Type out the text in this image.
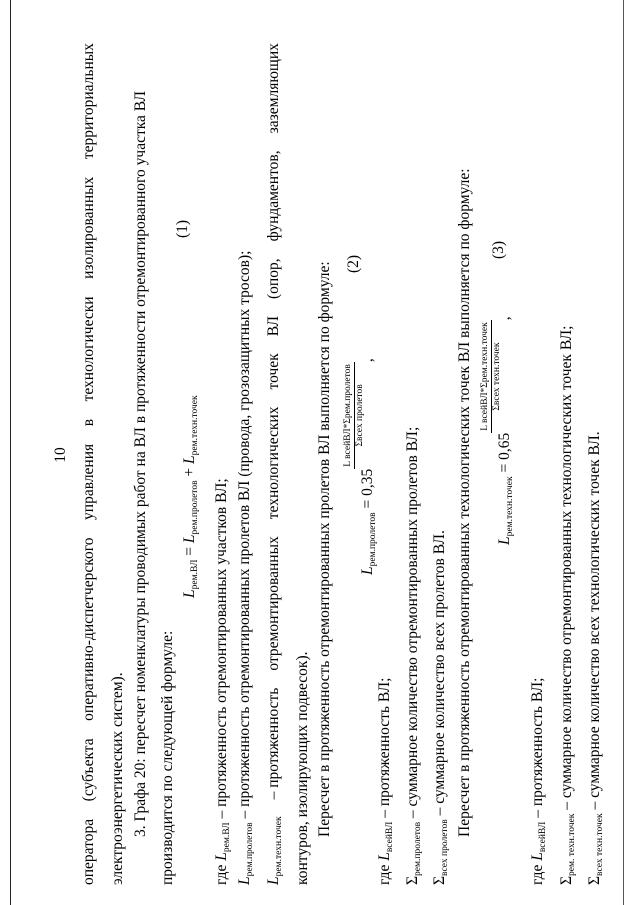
10
оператора
(субъекта
оперативно-диспетчерского
управления
в
технологически
изолированных
территориальных
электроэнергетических систем). 3. Графа 20: пересчет номенклатуры проводимых работ на ВЛ в протяженности отремонтированного участка ВЛ производится по следующей формуле:
$L_{рем.ВЛ} = L_{рем.пролетов} + L_{рем.техн.точек}$
(1)
где $L_{рем.ВЛ}$ – протяженность отремонтированных участков ВЛ;
$L_{рем.пролетов}$ – протяженность отремонтированных пролетов ВЛ (провода, грозозащитных тросов);
$L_{рем.техн.точек}$
– протяженность
отремонтированных
технологических
точек
ВЛ
(опор,
фундаментов,
заземляющих
контуров, изолирующих подвесок). Пересчет в протяженность отремонтированных пролетов ВЛ выполняется по формуле:	$L_{рем.пролетов} = 0,35$
L всейВЛ*Σрем.пролетов Σвсех пролетов
,
(2)
где $L_{всейВЛ}$ – протяженность ВЛ;
$\Sigma_{рем.пролетов}$ – суммарное количество отремонтированных пролетов ВЛ;
$\Sigma_{всех пролетов}$ – суммарное количество всех пролетов ВЛ. Пересчет в протяженность отремонтированных технологических точек ВЛ выполняется по формуле:	$L_{рем.техн.точек} = 0,65$
L всейВЛ*Σрем.техн.точек Σвсех техн.точек
,
(3)
где $L_{всейВЛ}$ – протяженность ВЛ;
$\Sigma_{рем. техн.точек}$ – суммарное количество отремонтированных технологических точек ВЛ;
$\Sigma_{всех техн.точек}$ – суммарное количество всех технологических точек ВЛ.
